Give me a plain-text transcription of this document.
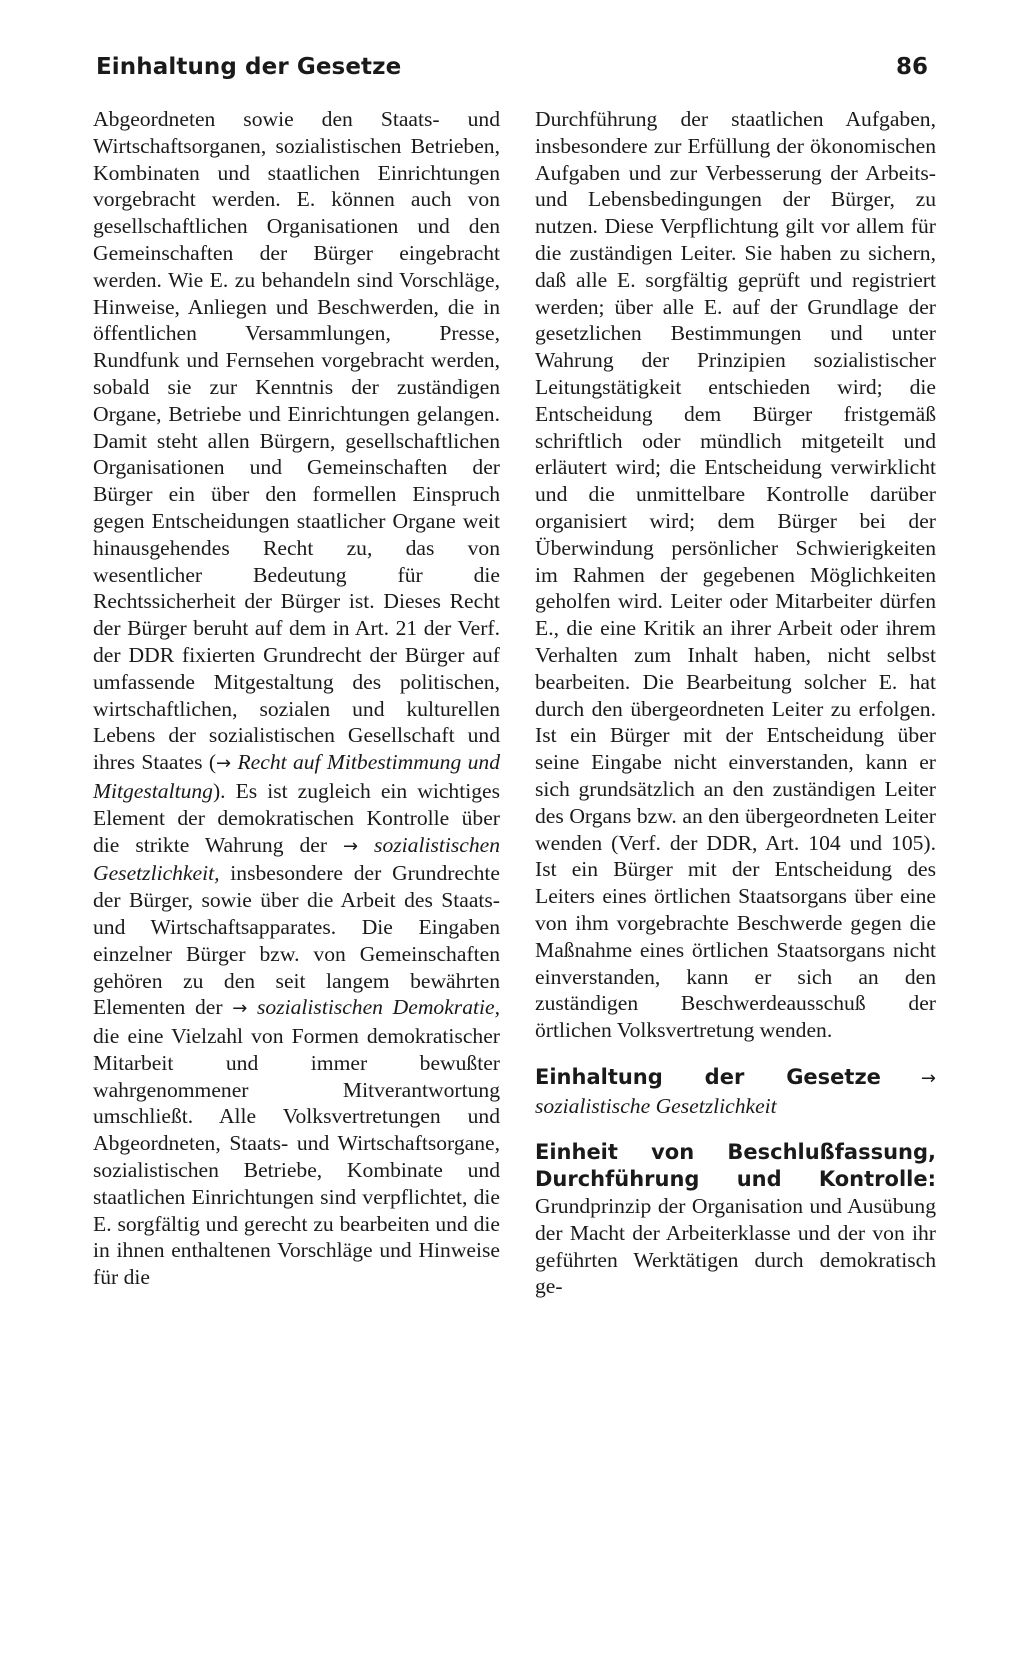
Einhaltung der Gesetze	86

Abgeordneten sowie den Staats- und Wirtschaftsorganen, sozialistischen Betrieben, Kombinaten und staatlichen Einrichtungen vorgebracht werden. E. können auch von gesellschaftlichen Organisationen und den Gemeinschaften der Bürger eingebracht werden. Wie E. zu behandeln sind Vorschläge, Hinweise, Anliegen und Beschwerden, die in öffentlichen Versammlungen, Presse, Rundfunk und Fernsehen vorgebracht werden, sobald sie zur Kenntnis der zuständigen Organe, Betriebe und Einrichtungen gelangen. Damit steht allen Bürgern, gesellschaftlichen Organisationen und Gemeinschaften der Bürger ein über den formellen Einspruch gegen Entscheidungen staatlicher Organe weit hinausgehendes Recht zu, das von wesentlicher Bedeutung für die Rechtssicherheit der Bürger ist. Dieses Recht der Bürger beruht auf dem in Art. 21 der Verf. der DDR fixierten Grundrecht der Bürger auf umfassende Mitgestaltung des politischen, wirtschaftlichen, sozialen und kulturellen Lebens der sozialistischen Gesellschaft und ihres Staates (→ Recht auf Mitbestimmung und Mitgestaltung). Es ist zugleich ein wichtiges Element der demokratischen Kontrolle über die strikte Wahrung der → sozialistischen Gesetzlichkeit, insbesondere der Grundrechte der Bürger, sowie über die Arbeit des Staats- und Wirtschaftsapparates. Die Eingaben einzelner Bürger bzw. von Gemeinschaften gehören zu den seit langem bewährten Elementen der → sozialistischen Demokratie, die eine Vielzahl von Formen demokratischer Mitarbeit und immer bewußter wahrgenommener Mitverantwortung umschließt. Alle Volksvertretungen und Abgeordneten, Staats- und Wirtschaftsorgane, sozialistischen Betriebe, Kombinate und staatlichen Einrichtungen sind verpflichtet, die E. sorgfältig und gerecht zu bearbeiten und die in ihnen enthaltenen Vorschläge und Hinweise für die

Durchführung der staatlichen Aufgaben, insbesondere zur Erfüllung der ökonomischen Aufgaben und zur Verbesserung der Arbeits- und Lebensbedingungen der Bürger, zu nutzen. Diese Verpflichtung gilt vor allem für die zuständigen Leiter. Sie haben zu sichern, daß alle E. sorgfältig geprüft und registriert werden; über alle E. auf der Grundlage der gesetzlichen Bestimmungen und unter Wahrung der Prinzipien sozialistischer Leitungstätigkeit entschieden wird; die Entscheidung dem Bürger fristgemäß schriftlich oder mündlich mitgeteilt und erläutert wird; die Entscheidung verwirklicht und die unmittelbare Kontrolle darüber organisiert wird; dem Bürger bei der Überwindung persönlicher Schwierigkeiten im Rahmen der gegebenen Möglichkeiten geholfen wird. Leiter oder Mitarbeiter dürfen E., die eine Kritik an ihrer Arbeit oder ihrem Verhalten zum Inhalt haben, nicht selbst bearbeiten. Die Bearbeitung solcher E. hat durch den übergeordneten Leiter zu erfolgen. Ist ein Bürger mit der Entscheidung über seine Eingabe nicht einverstanden, kann er sich grundsätzlich an den zuständigen Leiter des Organs bzw. an den übergeordneten Leiter wenden (Verf. der DDR, Art. 104 und 105). Ist ein Bürger mit der Entscheidung des Leiters eines örtlichen Staatsorgans über eine von ihm vorgebrachte Beschwerde gegen die Maßnahme eines örtlichen Staatsorgans nicht einverstanden, kann er sich an den zuständigen Beschwerdeausschuß der örtlichen Volksvertretung wenden.

Einhaltung der Gesetze → sozialistische Gesetzlichkeit

Einheit von Beschlußfassung, Durchführung und Kontrolle: Grundprinzip der Organisation und Ausübung der Macht der Arbeiterklasse und der von ihr geführten Werktätigen durch demokratisch ge-
